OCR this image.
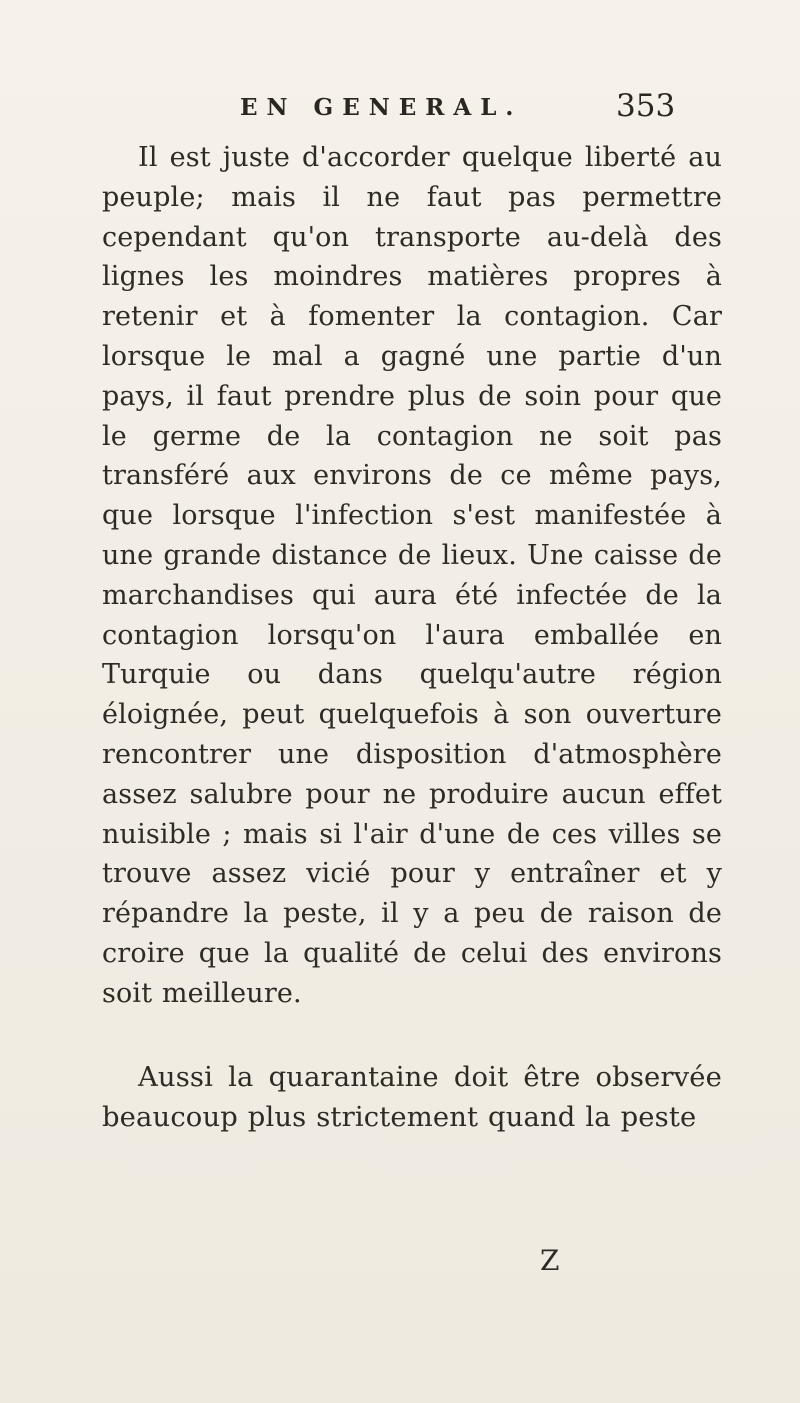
EN GENERAL.	353

Il est juste d'accorder quelque liberté au peuple; mais il ne faut pas permettre cependant qu'on transporte au-delà des lignes les moindres matières propres à retenir et à fomenter la contagion. Car lorsque le mal a gagné une partie d'un pays, il faut prendre plus de soin pour que le germe de la contagion ne soit pas transféré aux environs de ce même pays, que lorsque l'infection s'est manifestée à une grande distance de lieux. Une caisse de marchandises qui aura été infectée de la contagion lorsqu'on l'aura emballée en Turquie ou dans quelqu'autre région éloignée, peut quelquefois à son ouverture rencontrer une disposition d'atmosphère assez salubre pour ne produire aucun effet nuisible ; mais si l'air d'une de ces villes se trouve assez vicié pour y entraîner et y répandre la peste, il y a peu de raison de croire que la qualité de celui des environs soit meilleure.

Aussi la quarantaine doit être observée beaucoup plus strictement quand la peste

Z
